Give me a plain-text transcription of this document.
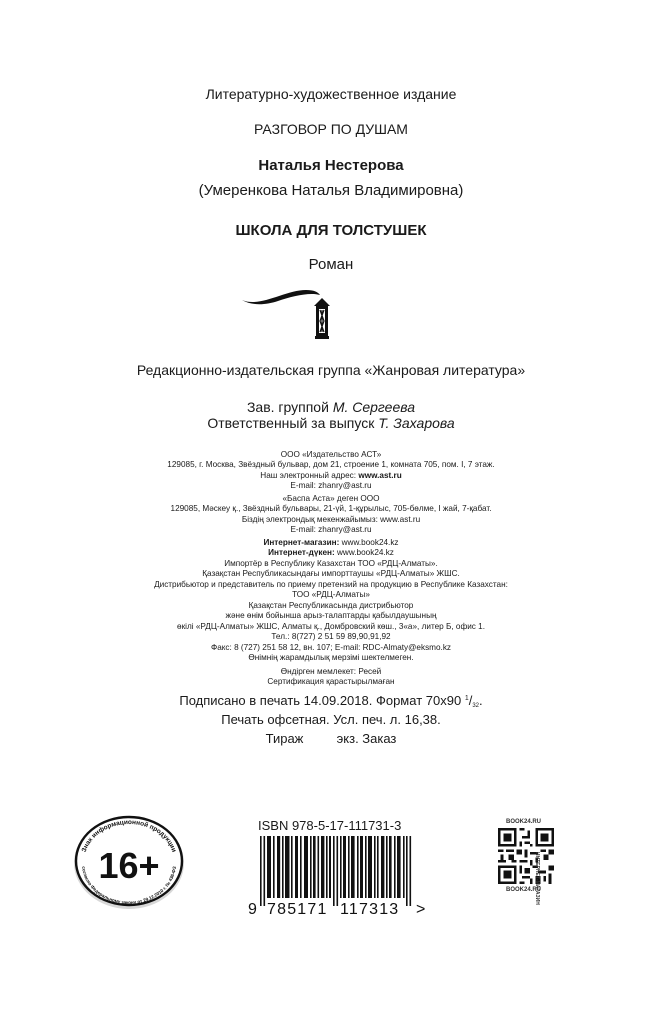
Литературно-художественное издание
РАЗГОВОР ПО ДУШАМ
Наталья Нестерова
(Умеренкова Наталья Владимировна)
ШКОЛА ДЛЯ ТОЛСТУШЕК
Роман
Редакционно-издательская группа «Жанровая литература»
Зав. группой М. Сергеева
Ответственный за выпуск Т. Захарова
ООО «Издательство АСТ»
129085, г. Москва, Звёздный бульвар, дом 21, строение 1, комната 705, пом. I, 7 этаж.
Наш электронный адрес: www.ast.ru
E-mail: zhanry@ast.ru
«Баспа Аста» деген ООО
129085, Мәскеу қ., Звёздный бульвары, 21-үй, 1-құрылыс, 705-бөлме, I жай, 7-қабат.
Біздің электрондық мекенжайымыз: www.ast.ru
E-mail: zhanry@ast.ru
Интернет-магазин: www.book24.kz
Интернет-дүкен: www.book24.kz
Импортёр в Республику Казахстан ТОО «РДЦ-Алматы».
Қазақстан Республикасындағы импорттаушы «РДЦ-Алматы» ЖШС.
Дистрибьютор и представитель по приему претензий на продукцию в Республике Казахстан:
ТОО «РДЦ-Алматы»
Қазақстан Республикасында дистрибьютор
және өнім бойынша арыз-талаптарды қабылдаушының
өкілі «РДЦ-Алматы» ЖШС, Алматы қ., Домбровский көш., 3«а», литер Б, офис 1.
Тел.: 8(727) 2 51 59 89,90,91,92
Факс: 8 (727) 251 58 12, вн. 107; E-mail: RDC-Almaty@eksmo.kz
Өнімнің жарамдылық мерзімі шектелмеген.
Өндірген мемлекет: Ресей
Сертификация қарастырылмаған
Подписано в печать 14.09.2018. Формат 70х90 $^1/_{32}$.
Печать офсетная. Усл. печ. л. 16,38.
Тираж	экз. Заказ
Знак информационной продукции
согласно Федеральному закону от 29.12.2010 г. № 436-ФЗ
16+
ISBN 978-5-17-111731-3
9 785171 117313 >
BOOK24.RU
BOOK24.RU
ИНТЕРНЕТ-МАГАЗИН
